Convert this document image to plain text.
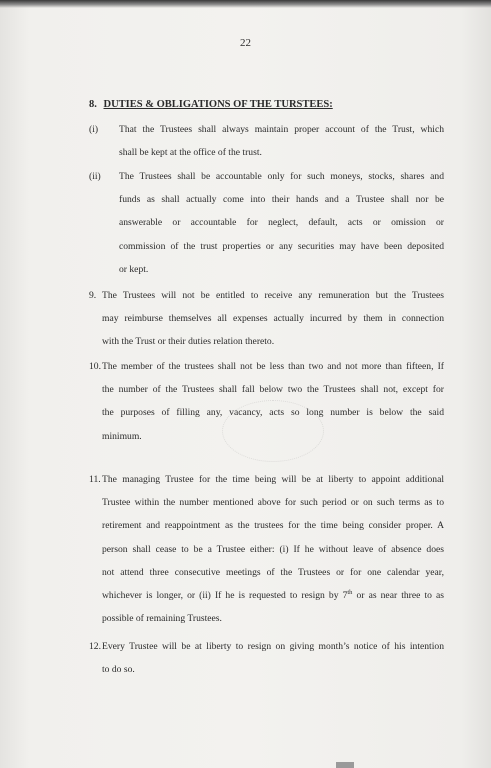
22
8. DUTIES & OBLIGATIONS OF THE TURSTEES:
(i) That the Trustees shall always maintain proper account of the Trust, which
shall be kept at the office of the trust.
(ii) The Trustees shall be accountable only for such moneys, stocks, shares and
funds as shall actually come into their hands and a Trustee shall nor be
answerable or accountable for neglect, default, acts or omission or
commission of the trust properties or any securities may have been deposited
or kept.
9. The Trustees will not be entitled to receive any remuneration but the Trustees
may reimburse themselves all expenses actually incurred by them in connection
with the Trust or their duties relation thereto.
10. The member of the trustees shall not be less than two and not more than fifteen, If
the number of the Trustees shall fall below two the Trustees shall not, except for
the purposes of filling any, vacancy, acts so long number is below the said
minimum.
11. The managing Trustee for the time being will be at liberty to appoint additional
Trustee within the number mentioned above for such period or on such terms as to
retirement and reappointment as the trustees for the time being consider proper. A
person shall cease to be a Trustee either: (i) If he without leave of absence does
not attend three consecutive meetings of the Trustees or for one calendar year,
whichever is longer, or (ii) If he is requested to resign by 7th or as near three to as
possible of remaining Trustees.
12. Every Trustee will be at liberty to resign on giving month’s notice of his intention
to do so.
